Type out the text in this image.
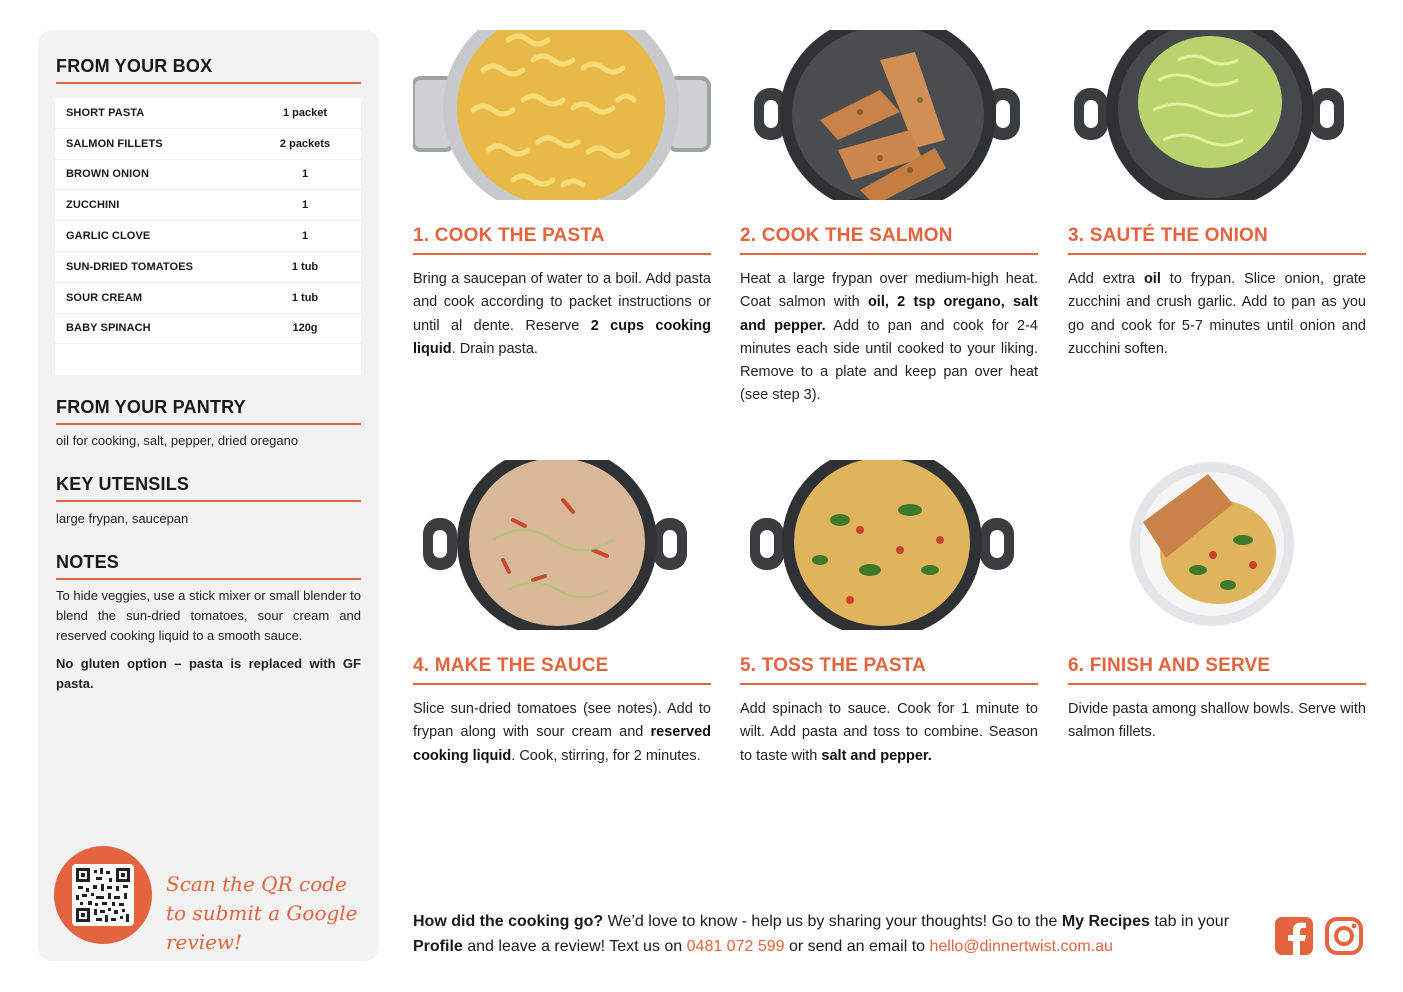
FROM YOUR BOX
SHORT PASTA	1 packet
SALMON FILLETS	2 packets
BROWN ONION	1
ZUCCHINI	1
GARLIC CLOVE	1
SUN-DRIED TOMATOES	1 tub
SOUR CREAM	1 tub
BABY SPINACH	120g
FROM YOUR PANTRY
oil for cooking, salt, pepper, dried oregano
KEY UTENSILS
large frypan, saucepan
NOTES
To hide veggies, use a stick mixer or small blender to blend the sun-dried tomatoes, sour cream and reserved cooking liquid to a smooth sauce.
No gluten option – pasta is replaced with GF pasta.
Scan the QR code to submit a Google review!
1. COOK THE PASTA
Bring a saucepan of water to a boil. Add pasta and cook according to packet instructions or until al dente. Reserve 2 cups cooking liquid. Drain pasta.
2. COOK THE SALMON
Heat a large frypan over medium-high heat. Coat salmon with oil, 2 tsp oregano, salt and pepper. Add to pan and cook for 2-4 minutes each side until cooked to your liking. Remove to a plate and keep pan over heat (see step 3).
3. SAUTÉ THE ONION
Add extra oil to frypan. Slice onion, grate zucchini and crush garlic. Add to pan as you go and cook for 5-7 minutes until onion and zucchini soften.
4. MAKE THE SAUCE
Slice sun-dried tomatoes (see notes). Add to frypan along with sour cream and reserved cooking liquid. Cook, stirring, for 2 minutes.
5. TOSS THE PASTA
Add spinach to sauce. Cook for 1 minute to wilt. Add pasta and toss to combine. Season to taste with salt and pepper.
6. FINISH AND SERVE
Divide pasta among shallow bowls. Serve with salmon fillets.
How did the cooking go? We’d love to know - help us by sharing your thoughts! Go to the My Recipes tab in your Profile and leave a review! Text us on 0481 072 599 or send an email to hello@dinnertwist.com.au
